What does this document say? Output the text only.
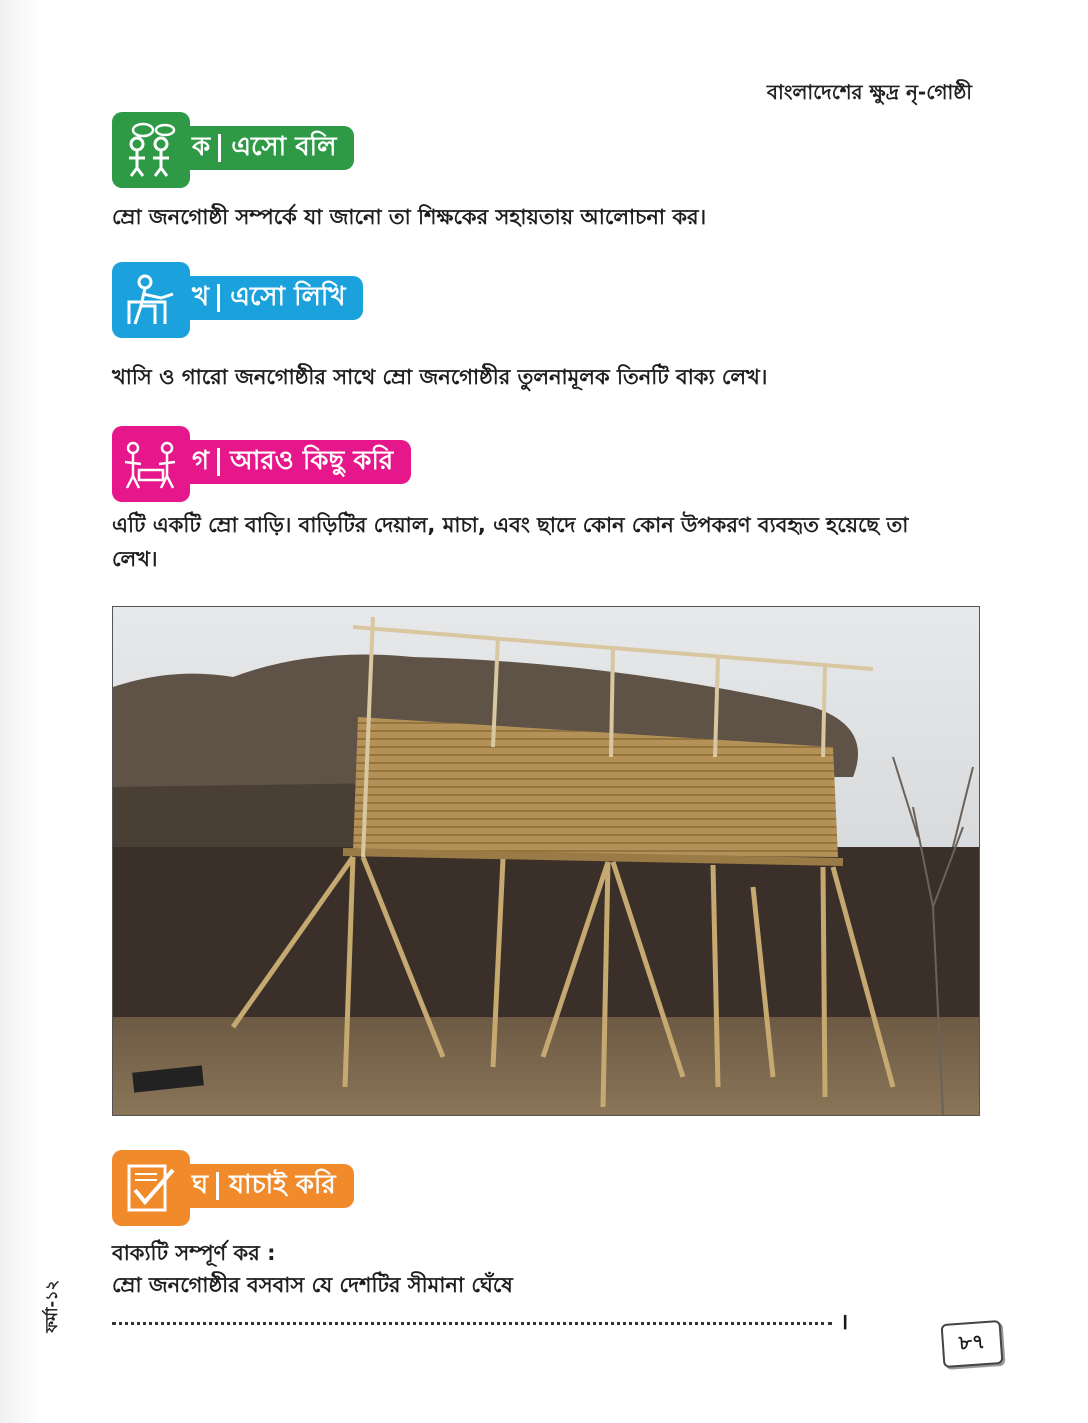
বাংলাদেশের ক্ষুদ্র নৃ-গোষ্ঠী
ক এসো বলি
ম্রো জনগোষ্ঠী সম্পর্কে যা জানো তা শিক্ষকের সহায়তায় আলোচনা কর।
খ এসো লিখি
খাসি ও গারো জনগোষ্ঠীর সাথে ম্রো জনগোষ্ঠীর তুলনামূলক তিনটি বাক্য লেখ।
গ আরও কিছু করি
এটি একটি ম্রো বাড়ি। বাড়িটির দেয়াল, মাচা, এবং ছাদে কোন কোন উপকরণ ব্যবহৃত হয়েছে তা লেখ।
ঘ যাচাই করি
বাক্যটি সম্পূর্ণ কর :
ম্রো জনগোষ্ঠীর বসবাস যে দেশটির সীমানা ঘেঁষে
।
ফর্মা-১২
৮৭
